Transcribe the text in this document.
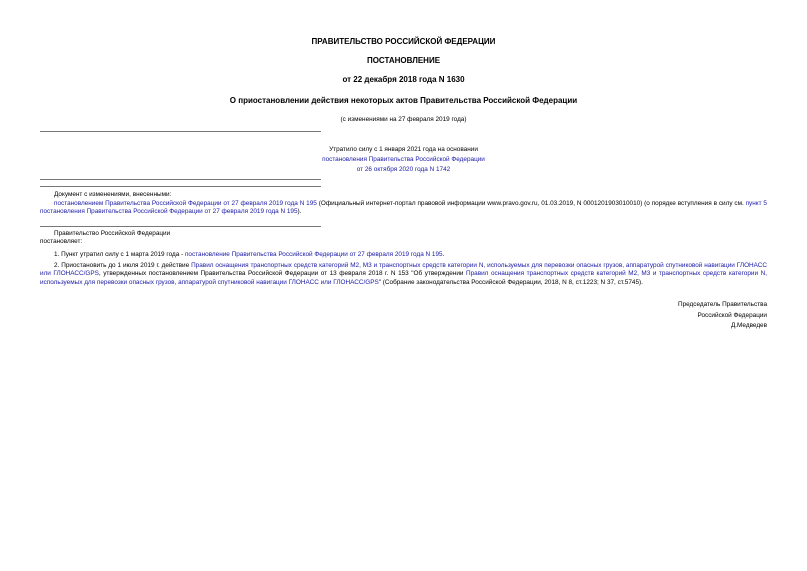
ПРАВИТЕЛЬСТВО РОССИЙСКОЙ ФЕДЕРАЦИИ
ПОСТАНОВЛЕНИЕ
от 22 декабря 2018 года N 1630
О приостановлении действия некоторых актов Правительства Российской Федерации
(с изменениями на 27 февраля 2019 года)
Утратило силу с 1 января 2021 года на основании
постановления Правительства Российской Федерации
от 26 октября 2020 года N 1742
Документ с изменениями, внесенными:
постановлением Правительства Российской Федерации от 27 февраля 2019 года N 195 (Официальный интернет-портал правовой информации www.pravo.gov.ru, 01.03.2019, N 0001201903010010) (о порядке вступления в силу см. пункт 5 постановления Правительства Российской Федерации от 27 февраля 2019 года N 195).
Правительство Российской Федерации
постановляет:
1. Пункт утратил силу с 1 марта 2019 года - постановление Правительства Российской Федерации от 27 февраля 2019 года N 195.
2. Приостановить до 1 июля 2019 г. действие Правил оснащения транспортных средств категорий M2, M3 и транспортных средств категории N, используемых для перевозки опасных грузов, аппаратурой спутниковой навигации ГЛОНАСС или ГЛОНАСС/GPS, утвержденных постановлением Правительства Российской Федерации от 13 февраля 2018 г. N 153 "Об утверждении Правил оснащения транспортных средств категорий M2, M3 и транспортных средств категории N, используемых для перевозки опасных грузов, аппаратурой спутниковой навигации ГЛОНАСС или ГЛОНАСС/GPS" (Собрание законодательства Российской Федерации, 2018, N 8, ст.1223; N 37, ст.5745).
Председатель Правительства
Российской Федерации
Д.Медведев
